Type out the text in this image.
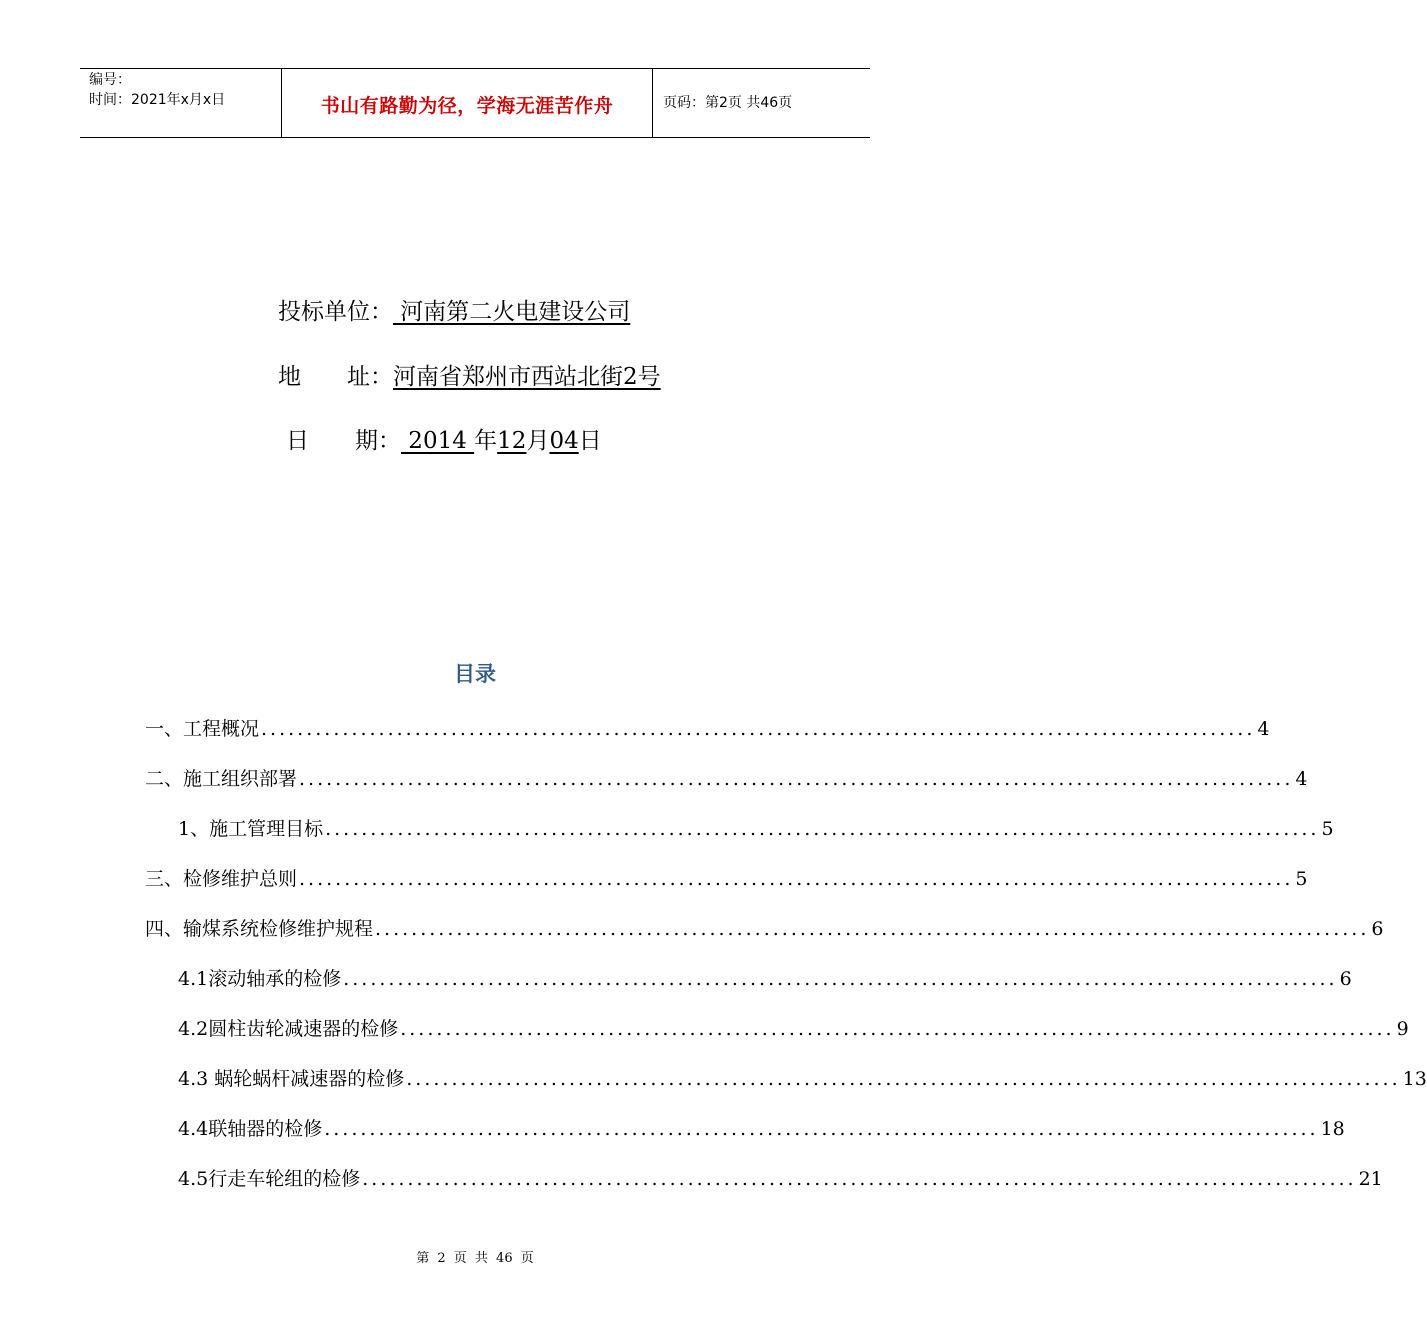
编号：
时间：2021年x月x日	书山有路勤为径，学海无涯苦作舟	页码：第2页 共46页
投标单位： 河南第二火电建设公司
地　　址：河南省郑州市西站北街2号
日　　期： 2014 年12月04日
目录
一、工程概况 .............................................................................................................. 4
二、施工组织部署 .............................................................................................................. 4
1、施工管理目标 .............................................................................................................. 5
三、检修维护总则 .............................................................................................................. 5
四、输煤系统检修维护规程 .............................................................................................................. 6
4.1滚动轴承的检修 .............................................................................................................. 6
4.2圆柱齿轮减速器的检修 .............................................................................................................. 9
4.3 蜗轮蜗杆减速器的检修 .............................................................................................................. 13
4.4联轴器的检修 .............................................................................................................. 18
4.5行走车轮组的检修 .............................................................................................................. 21
第 2 页 共 46 页
